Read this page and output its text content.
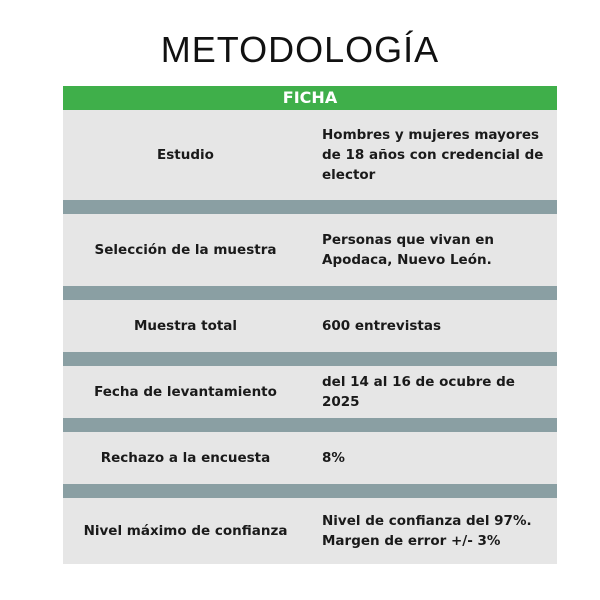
METODOLOGÍA
FICHA
Estudio
Hombres y mujeres mayores
de 18 años con credencial de
elector
Selección de la muestra
Personas que vivan en
Apodaca, Nuevo León.
Muestra total	600 entrevistas
Fecha de levantamiento
del 14 al 16 de ocubre de 2025
Rechazo a la encuesta	8%
Nivel máximo de confianza
Nivel de confianza del 97%.
Margen de error +/- 3%
